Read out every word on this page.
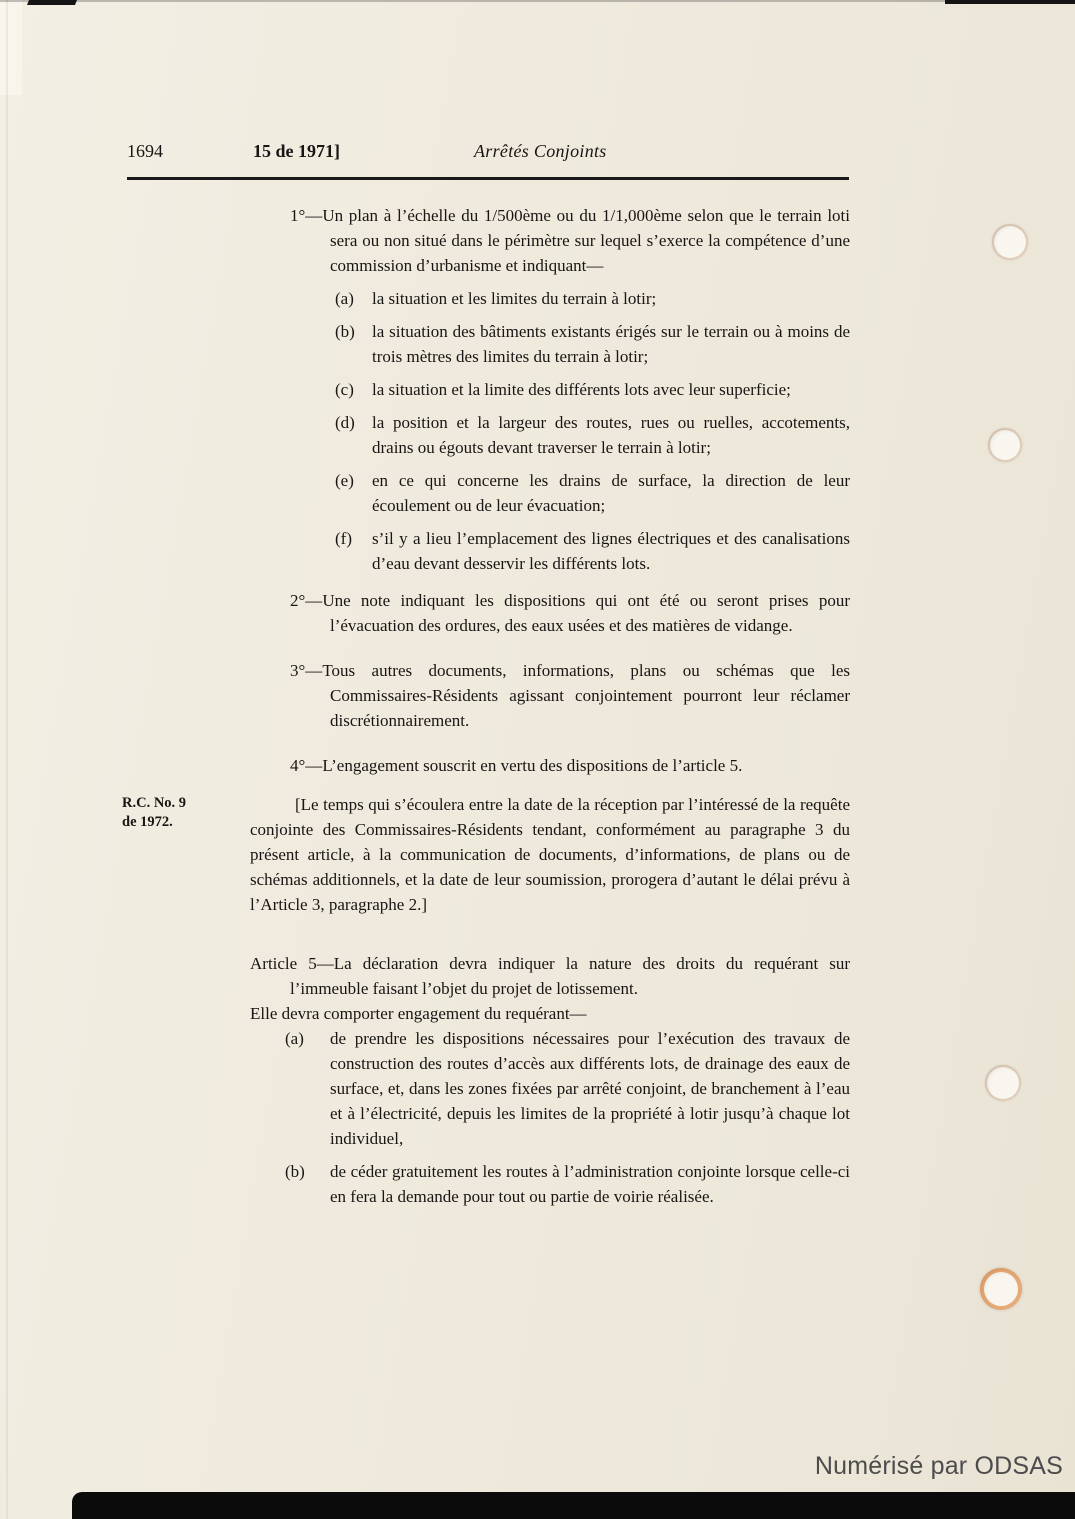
1694	15 de 1971]	Arrêtés Conjoints

1°—Un plan à l’échelle du 1/500ème ou du 1/1,000ème selon que le terrain loti sera ou non situé dans le périmètre sur lequel s’exerce la compétence d’une commission d’urbanisme et indiquant—

(a)	la situation et les limites du terrain à lotir;
(b)	la situation des bâtiments existants érigés sur le terrain ou à moins de trois mètres des limites du terrain à lotir;
(c)	la situation et la limite des différents lots avec leur superficie;
(d)	la position et la largeur des routes, rues ou ruelles, accotements, drains ou égouts devant traverser le terrain à lotir;
(e)	en ce qui concerne les drains de surface, la direction de leur écoulement ou de leur évacuation;
(f)	s’il y a lieu l’emplacement des lignes électriques et des canalisations d’eau devant desservir les différents lots.

2°—Une note indiquant les dispositions qui ont été ou seront prises pour l’évacuation des ordures, des eaux usées et des matières de vidange.

3°—Tous autres documents, informations, plans ou schémas que les Commissaires-Résidents agissant conjointement pourront leur réclamer discrétionnairement.

4°—L’engagement souscrit en vertu des dispositions de l’article 5.

R.C. No. 9
de 1972.

[Le temps qui s’écoulera entre la date de la réception par l’intéressé de la requête conjointe des Commissaires-Résidents tendant, conformément au paragraphe 3 du présent article, à la communication de documents, d’informations, de plans ou de schémas additionnels, et la date de leur soumission, prorogera d’autant le délai prévu à l’Article 3, paragraphe 2.]

Article 5—La déclaration devra indiquer la nature des droits du requérant sur l’immeuble faisant l’objet du projet de lotissement.

Elle devra comporter engagement du requérant—

(a)	de prendre les dispositions nécessaires pour l’exécution des travaux de construction des routes d’accès aux différents lots, de drainage des eaux de surface, et, dans les zones fixées par arrêté conjoint, de branchement à l’eau et à l’électricité, depuis les limites de la propriété à lotir jusqu’à chaque lot individuel,
(b)	de céder gratuitement les routes à l’administration conjointe lorsque celle-ci en fera la demande pour tout ou partie de voirie réalisée.
Numérisé par ODSAS
